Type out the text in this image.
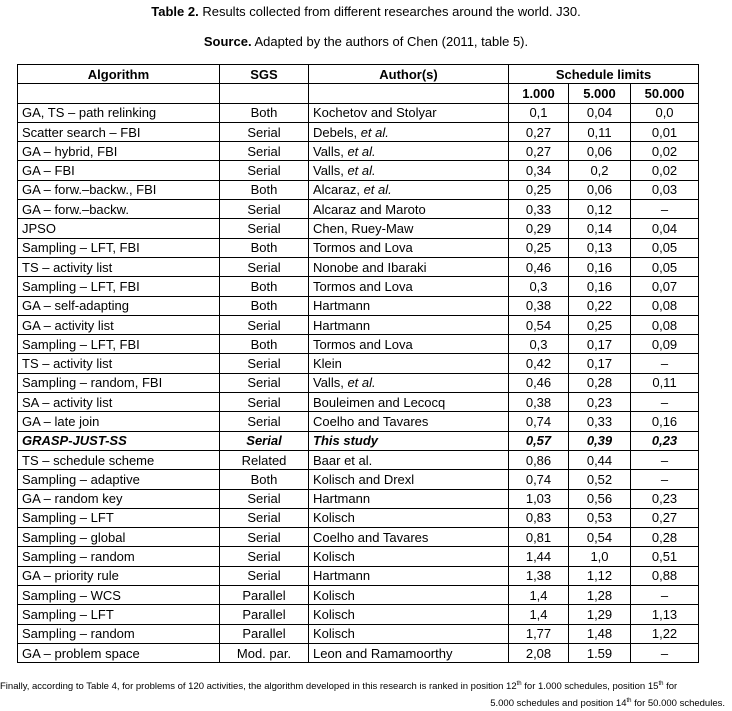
Table 2. Results collected from different researches around the world. J30.
Source. Adapted by the authors of Chen (2011, table 5).
Algorithm	SGS	Author(s)	Schedule limits		
			1.000	5.000	50.000
GA, TS – path relinking	Both	Kochetov and Stolyar	0,1	0,04	0,0
Scatter search – FBI	Serial	Debels, et al.	0,27	0,11	0,01
GA – hybrid, FBI	Serial	Valls, et al.	0,27	0,06	0,02
GA – FBI	Serial	Valls, et al.	0,34	0,2	0,02
GA – forw.–backw., FBI	Both	Alcaraz, et al.	0,25	0,06	0,03
GA – forw.–backw.	Serial	Alcaraz and Maroto	0,33	0,12	–
JPSO	Serial	Chen, Ruey-Maw	0,29	0,14	0,04
Sampling – LFT, FBI	Both	Tormos and Lova	0,25	0,13	0,05
TS – activity list	Serial	Nonobe and Ibaraki	0,46	0,16	0,05
Sampling – LFT, FBI	Both	Tormos and Lova	0,3	0,16	0,07
GA – self-adapting	Both	Hartmann	0,38	0,22	0,08
GA – activity list	Serial	Hartmann	0,54	0,25	0,08
Sampling – LFT, FBI	Both	Tormos and Lova	0,3	0,17	0,09
TS – activity list	Serial	Klein	0,42	0,17	–
Sampling – random, FBI	Serial	Valls, et al.	0,46	0,28	0,11
SA – activity list	Serial	Bouleimen and Lecocq	0,38	0,23	–
GA – late join	Serial	Coelho and Tavares	0,74	0,33	0,16
GRASP-JUST-SS	Serial	This study	0,57	0,39	0,23
TS – schedule scheme	Related	Baar et al.	0,86	0,44	–
Sampling – adaptive	Both	Kolisch and Drexl	0,74	0,52	–
GA – random key	Serial	Hartmann	1,03	0,56	0,23
Sampling – LFT	Serial	Kolisch	0,83	0,53	0,27
Sampling – global	Serial	Coelho and Tavares	0,81	0,54	0,28
Sampling – random	Serial	Kolisch	1,44	1,0	0,51
GA – priority rule	Serial	Hartmann	1,38	1,12	0,88
Sampling – WCS	Parallel	Kolisch	1,4	1,28	–
Sampling – LFT	Parallel	Kolisch	1,4	1,29	1,13
Sampling – random	Parallel	Kolisch	1,77	1,48	1,22
GA – problem space	Mod. par.	Leon and Ramamoorthy	2,08	1.59	–
Finally, according to Table 4, for problems of 120 activities, the algorithm developed in this research is ranked in position 12th for 1.000 schedules, position 15th for
5.000 schedules and position 14th for 50.000 schedules.
